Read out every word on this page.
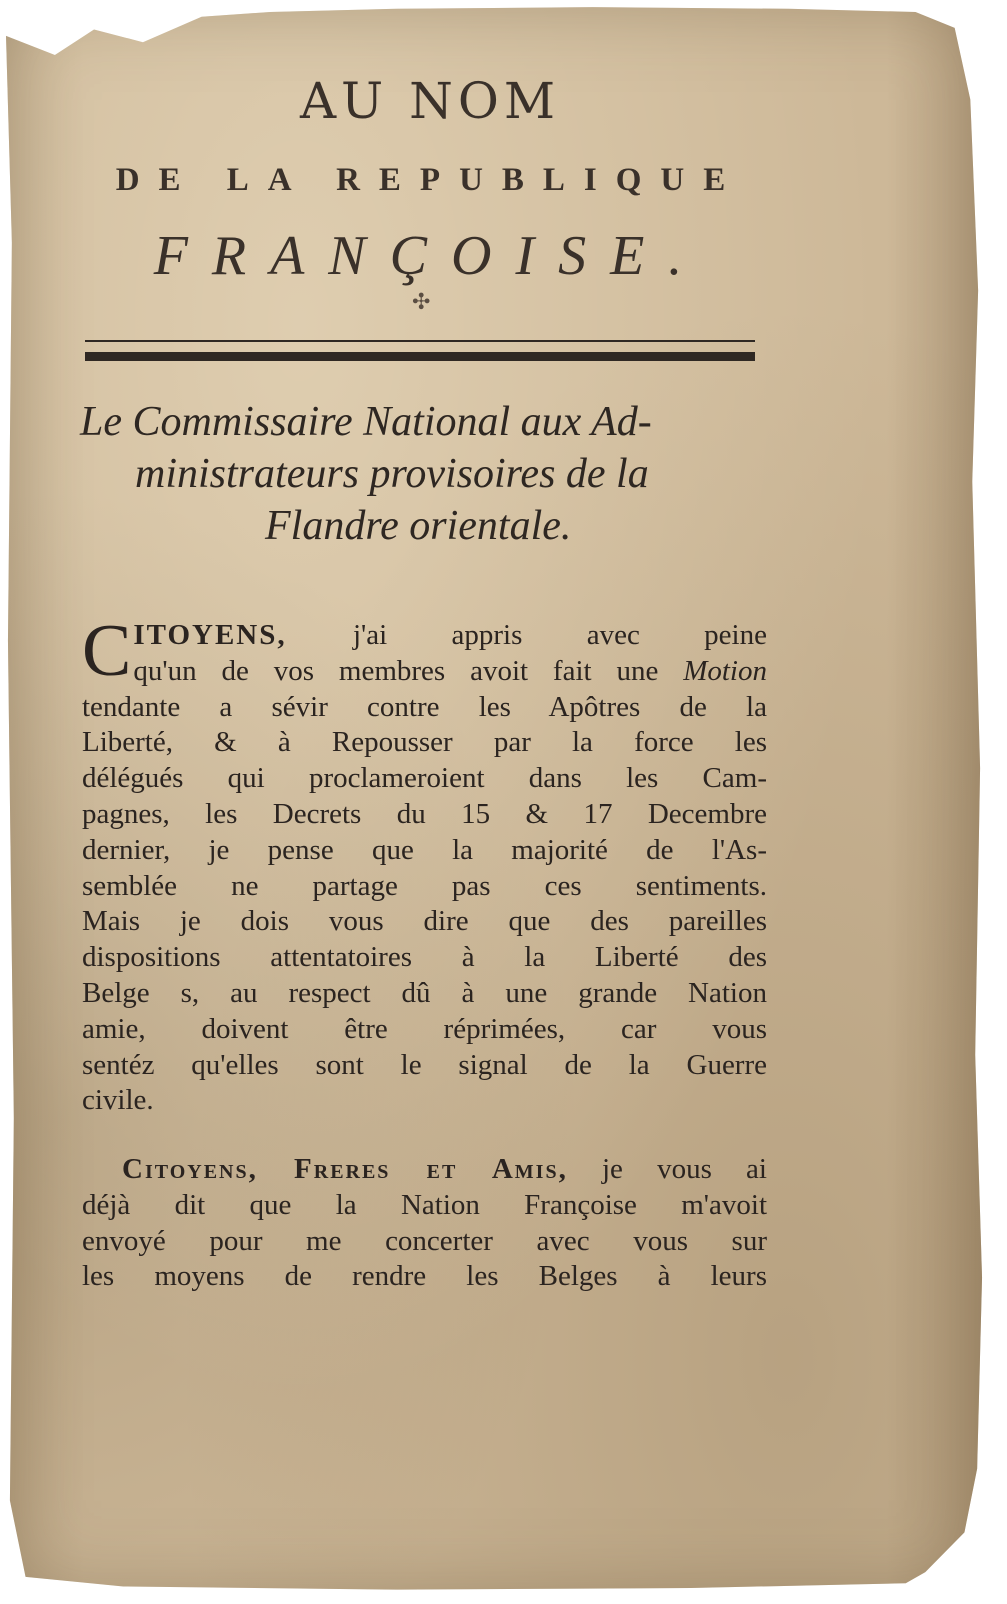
AU NOM
DE LA REPUBLIQUE
FRANÇOISE.
✣
Le Commissaire National aux Ad-
ministrateurs provisoires de la
Flandre orientale.
C ITOYENS, j'ai appris avec peine
qu'un de vos membres avoit fait une Motion
tendante a sévir contre les Apôtres de la
Liberté, & à Repousser par la force les
délégués qui proclameroient dans les Cam-
pagnes, les Decrets du 15 & 17 Decembre
dernier, je pense que la majorité de l'As-
semblée ne partage pas ces sentiments.
Mais je dois vous dire que des pareilles
dispositions attentatoires à la Liberté des
Belge s, au respect dû à une grande Nation
amie, doivent être réprimées, car vous
sentéz qu'elles sont le signal de la Guerre
civile.
Citoyens, Freres et Amis, je vous ai
déjà dit que la Nation Françoise m'avoit
envoyé pour me concerter avec vous sur
les moyens de rendre les Belges à leurs
